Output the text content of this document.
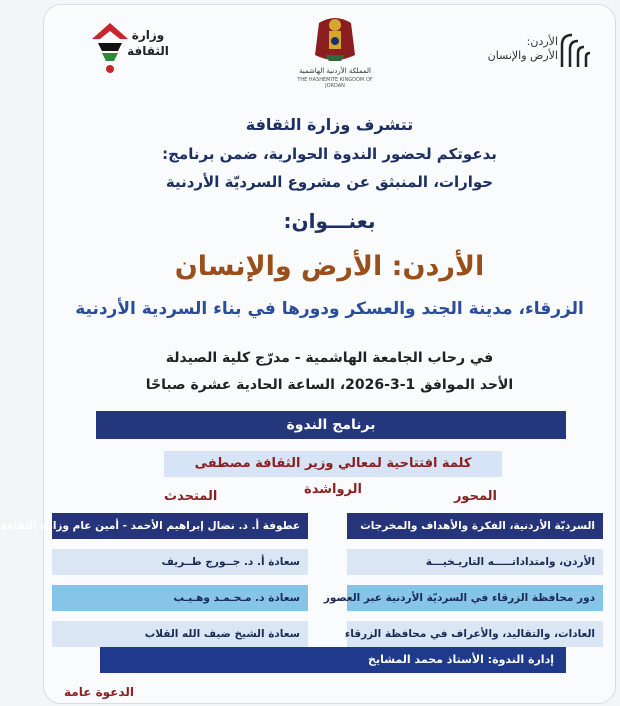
وزارة
الثقافة
المملكة الأردنية الهاشمية
THE HASHEMITE KINGDOM OF JORDAN
الأردن:
الأرض والإنسان
تتشرف وزارة الثقافة
بدعوتكم لحضور الندوة الحوارية، ضمن برنامج:
حوارات، المنبثق عن مشروع السرديّة الأردنية
بعنـــوان:
الأردن: الأرض والإنسان
الزرقاء، مدينة الجند والعسكر ودورها في بناء السردية الأردنية
في رحاب الجامعة الهاشمية - مدرّج كلية الصيدلة
الأحد الموافق 1-3-2026، الساعة الحادية عشرة صباحًا
برنامج الندوة
كلمة افتتاحية لمعالي وزير الثقافة مصطفى الرواشدة	المحور
المتحدث
السرديّة الأردنية، الفكرة والأهداف والمخرجات
عطوفة أ. د. نضال إبراهيم الأحمد - أمين عام وزارة الثقافة
الأردن، وامتداداتـــــه التاريـخيـــة
سعادة أ. د. جــورج طــريف
دور محافظة الزرقاء في السرديّة الأردنية عبر العصور
سعادة د. مـحـمـد وهـيـب
العادات، والتقاليد، والأعراف في محافظة الزرقاء
سعادة الشيخ ضيف الله القلاب
إدارة الندوة: الأستاذ محمد المشايخ
الدعوة عامة
